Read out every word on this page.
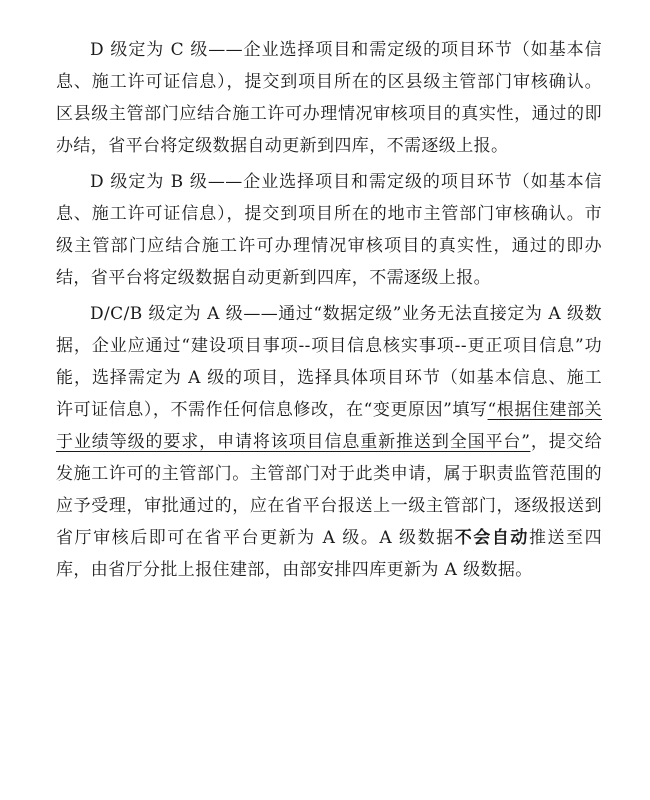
D 级定为 C 级——企业选择项目和需定级的项目环节（如基本信息、施工许可证信息），提交到项目所在的区县级主管部门审核确认。区县级主管部门应结合施工许可办理情况审核项目的真实性，通过的即办结，省平台将定级数据自动更新到四库，不需逐级上报。

D 级定为 B 级——企业选择项目和需定级的项目环节（如基本信息、施工许可证信息），提交到项目所在的地市主管部门审核确认。市级主管部门应结合施工许可办理情况审核项目的真实性，通过的即办结，省平台将定级数据自动更新到四库，不需逐级上报。

D/C/B 级定为 A 级——通过“数据定级”业务无法直接定为 A 级数据，企业应通过“建设项目事项--项目信息核实事项--更正项目信息”功能，选择需定为 A 级的项目，选择具体项目环节（如基本信息、施工许可证信息），不需作任何信息修改，在“变更原因”填写“根据住建部关于业绩等级的要求，申请将该项目信息重新推送到全国平台”，提交给发施工许可的主管部门。主管部门对于此类申请，属于职责监管范围的应予受理，审批通过的，应在省平台报送上一级主管部门，逐级报送到省厅审核后即可在省平台更新为 A 级。A 级数据不会自动推送至四库，由省厅分批上报住建部，由部安排四库更新为 A 级数据。
